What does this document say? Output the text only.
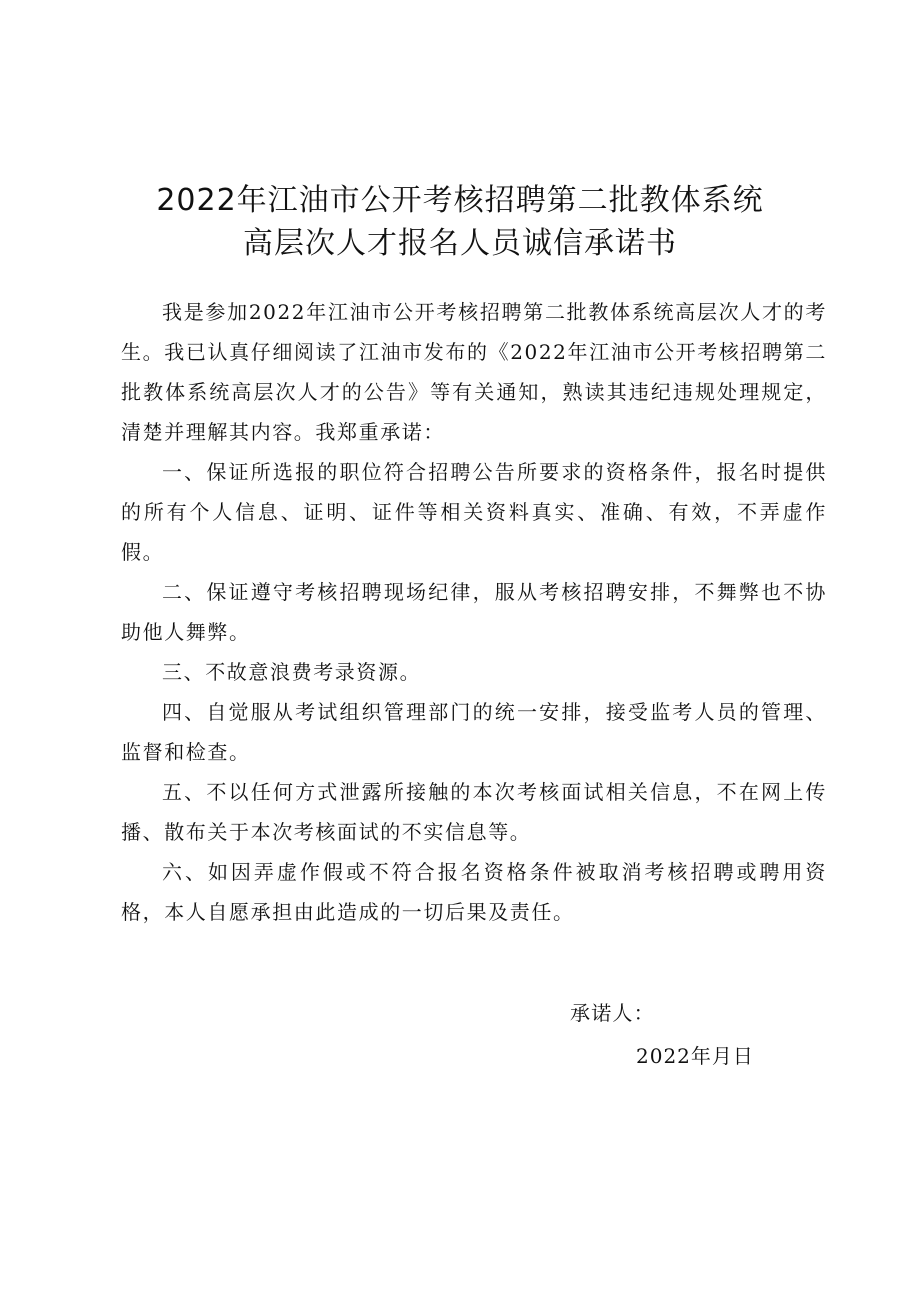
2022年江油市公开考核招聘第二批教体系统
高层次人才报名人员诚信承诺书

我是参加2022年江油市公开考核招聘第二批教体系统高层次人才的考生。我已认真仔细阅读了江油市发布的《2022年江油市公开考核招聘第二批教体系统高层次人才的公告》等有关通知，熟读其违纪违规处理规定，清楚并理解其内容。我郑重承诺：

一、保证所选报的职位符合招聘公告所要求的资格条件，报名时提供的所有个人信息、证明、证件等相关资料真实、准确、有效，不弄虚作假。

二、保证遵守考核招聘现场纪律，服从考核招聘安排，不舞弊也不协助他人舞弊。

三、不故意浪费考录资源。

四、自觉服从考试组织管理部门的统一安排，接受监考人员的管理、监督和检查。

五、不以任何方式泄露所接触的本次考核面试相关信息，不在网上传播、散布关于本次考核面试的不实信息等。

六、如因弄虚作假或不符合报名资格条件被取消考核招聘或聘用资格，本人自愿承担由此造成的一切后果及责任。

承诺人：
2022年月日
